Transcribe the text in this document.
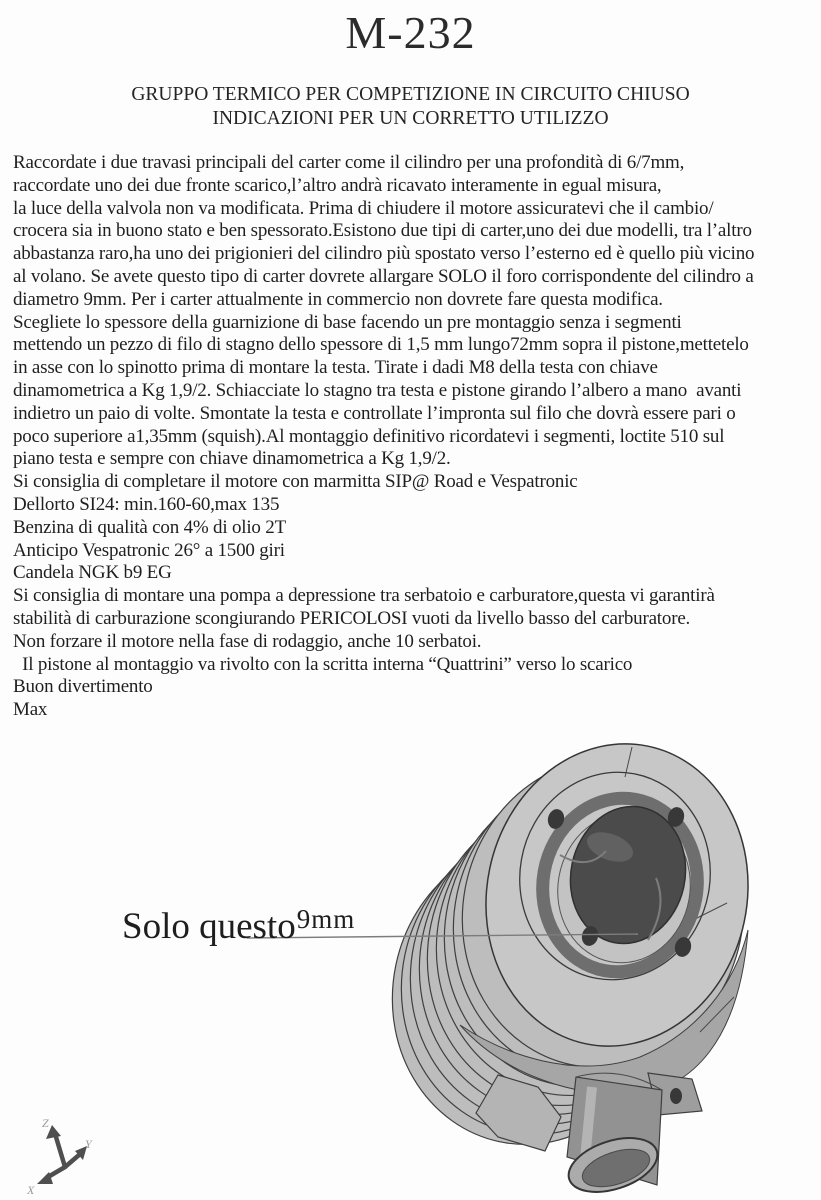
M-232
GRUPPO TERMICO PER COMPETIZIONE IN CIRCUITO CHIUSO
INDICAZIONI PER UN CORRETTO UTILIZZO
Raccordate i due travasi principali del carter come il cilindro per una profondità di 6/7mm,
raccordate uno dei due fronte scarico,l’altro andrà ricavato interamente in egual misura,
la luce della valvola non va modificata. Prima di chiudere il motore assicuratevi che il cambio/
crocera sia in buono stato e ben spessorato.Esistono due tipi di carter,uno dei due modelli, tra l’altro
abbastanza raro,ha uno dei prigionieri del cilindro più spostato verso l’esterno ed è quello più vicino
al volano. Se avete questo tipo di carter dovrete allargare SOLO il foro corrispondente del cilindro a
diametro 9mm. Per i carter attualmente in commercio non dovrete fare questa modifica.
Scegliete lo spessore della guarnizione di base facendo un pre montaggio senza i segmenti
mettendo un pezzo di filo di stagno dello spessore di 1,5 mm lungo72mm sopra il pistone,mettetelo
in asse con lo spinotto prima di montare la testa. Tirate i dadi M8 della testa con chiave
dinamometrica a Kg 1,9/2. Schiacciate lo stagno tra testa e pistone girando l’albero a mano  avanti
indietro un paio di volte. Smontate la testa e controllate l’impronta sul filo che dovrà essere pari o
poco superiore a1,35mm (squish).Al montaggio definitivo ricordatevi i segmenti, loctite 510 sul
piano testa e sempre con chiave dinamometrica a Kg 1,9/2.
Si consiglia di completare il motore con marmitta SIP@ Road e Vespatronic
Dellorto SI24: min.160-60,max 135
Benzina di qualità con 4% di olio 2T
Anticipo Vespatronic 26° a 1500 giri
Candela NGK b9 EG
Si consiglia di montare una pompa a depressione tra serbatoio e carburatore,questa vi garantirà
stabilità di carburazione scongiurando PERICOLOSI vuoti da livello basso del carburatore.
Non forzare il motore nella fase di rodaggio, anche 10 serbatoi.
Il pistone al montaggio va rivolto con la scritta interna “Quattrini” verso lo scarico
Buon divertimento
Max
Solo questo$^{9mm}$
Z
Y
X
